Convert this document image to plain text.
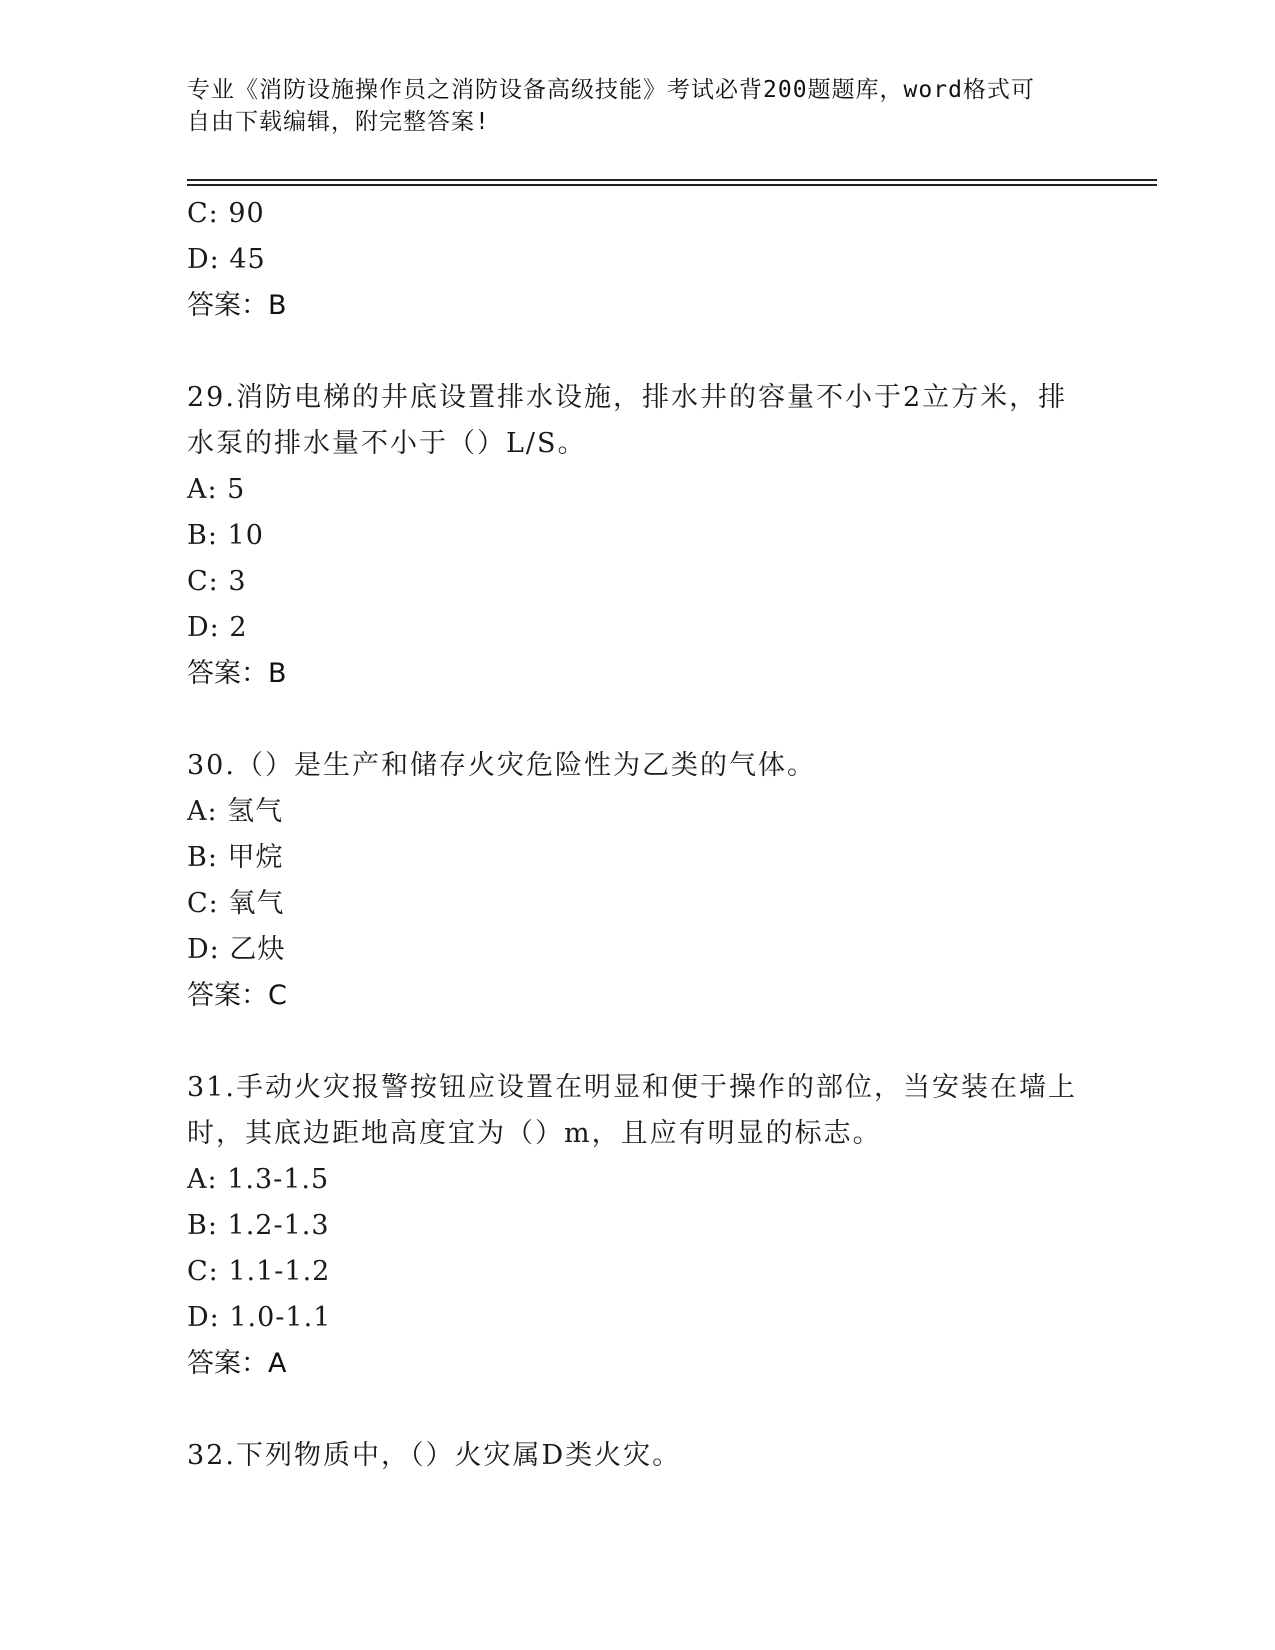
专业《消防设施操作员之消防设备高级技能》考试必背200题题库，word格式可
自由下载编辑，附完整答案!
C: 90
D: 45
答案：B
29.消防电梯的井底设置排水设施，排水井的容量不小于2立方米，排
水泵的排水量不小于（）L/S。
A: 5
B: 10
C: 3
D: 2
答案：B
30.（）是生产和储存火灾危险性为乙类的气体。
A: 氢气
B: 甲烷
C: 氧气
D: 乙炔
答案：C
31.手动火灾报警按钮应设置在明显和便于操作的部位，当安装在墙上
时，其底边距地高度宜为（）m，且应有明显的标志。
A: 1.3-1.5
B: 1.2-1.3
C: 1.1-1.2
D: 1.0-1.1
答案：A
32.下列物质中，（）火灾属D类火灾。
